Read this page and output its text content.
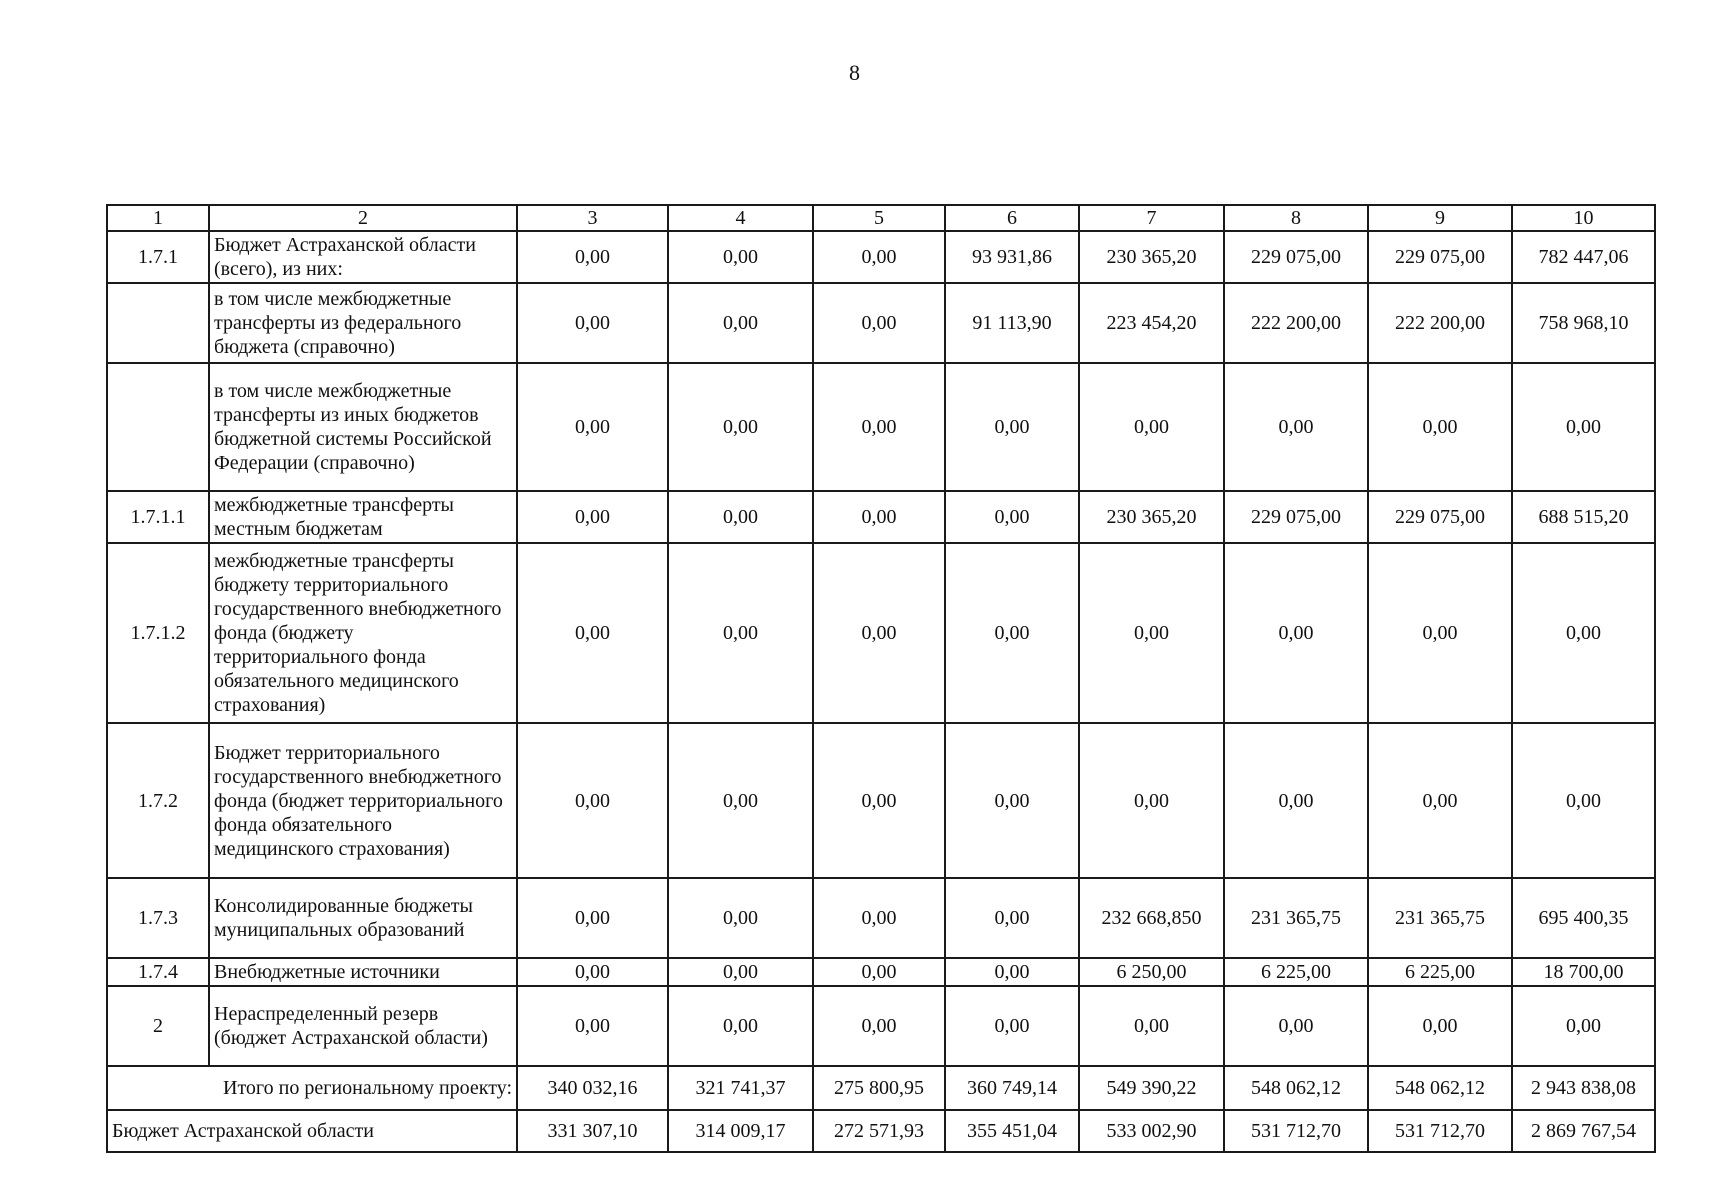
8
1	2	3	4	5	6	7	8	9	10
1.7.1	Бюджет Астраханской области (всего), из них:	0,00	0,00	0,00	93 931,86	230 365,20	229 075,00	229 075,00	782 447,06
	в том числе межбюджетные трансферты из федерального бюджета (справочно)	0,00	0,00	0,00	91 113,90	223 454,20	222 200,00	222 200,00	758 968,10
	в том числе межбюджетные трансферты из иных бюджетов бюджетной системы Российской Федерации (справочно)	0,00	0,00	0,00	0,00	0,00	0,00	0,00	0,00
1.7.1.1	межбюджетные трансферты местным бюджетам	0,00	0,00	0,00	0,00	230 365,20	229 075,00	229 075,00	688 515,20
1.7.1.2	межбюджетные трансферты бюджету территориального государственного внебюджетного фонда (бюджету территориального фонда обязательного медицинского страхования)	0,00	0,00	0,00	0,00	0,00	0,00	0,00	0,00
1.7.2	Бюджет территориального государственного внебюджетного фонда (бюджет территориального фонда обязательного медицинского страхования)	0,00	0,00	0,00	0,00	0,00	0,00	0,00	0,00
1.7.3	Консолидированные бюджеты муниципальных образований	0,00	0,00	0,00	0,00	232 668,850	231 365,75	231 365,75	695 400,35
1.7.4	Внебюджетные источники	0,00	0,00	0,00	0,00	6 250,00	6 225,00	6 225,00	18 700,00
2	Нераспределенный резерв (бюджет Астраханской области)	0,00	0,00	0,00	0,00	0,00	0,00	0,00	0,00
Итого по региональному проекту:		340 032,16	321 741,37	275 800,95	360 749,14	549 390,22	548 062,12	548 062,12	2 943 838,08
Бюджет Астраханской области		331 307,10	314 009,17	272 571,93	355 451,04	533 002,90	531 712,70	531 712,70	2 869 767,54
